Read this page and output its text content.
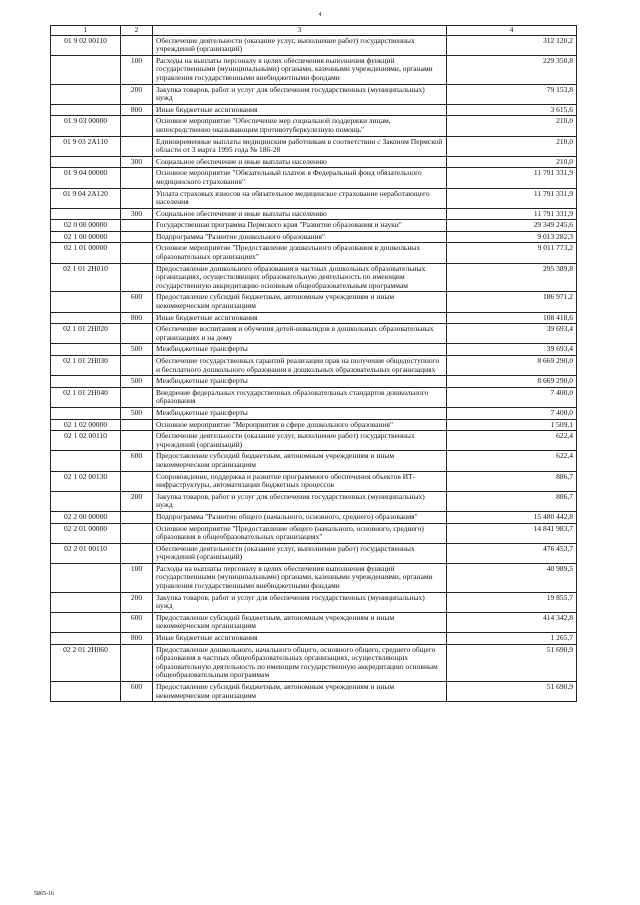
4
1	2	3	4
01 9 02 00110		Обеспечение деятельности (оказание услуг, выполнение работ) государственных учреждений (организаций)	312 120,2
	100	Расходы на выплаты персоналу в целях обеспечения выполнения функций государственными (муниципальными) органами, казенными учреждениями, органами управления государственными внебюджетными фондами	229 350,8
	200	Закупка товаров, работ и услуг для обеспечения государственных (муниципальных) нужд	79 153,8
	800	Иные бюджетные ассигнования	3 615,6
01 9 03 00000		Основное мероприятие "Обеспечение мер социальной поддержки лицам, непосредственно оказывающим противотуберкулезную помощь"	210,0
01 9 03 2А110		Единовременные выплаты медицинским работникам в соответствии с Законом Пермской области от 3 марта 1995 года № 186-28	210,0
	300	Социальное обеспечение и иные выплаты населению	210,0
01 9 04 00000		Основное мероприятие "Обязательный платеж в Федеральный фонд обязательного медицинского страхования"	11 791 331,9
01 9 04 2А120		Уплата страховых взносов на обязательное медицинское страхование неработающего населения	11 791 331,9
	300	Социальное обеспечение и иные выплаты населению	11 791 331,9
02 0 00 00000		Государственная программа Пермского края "Развитие образования и науки"	29 349 245,6
02 1 00 00000		Подпрограмма "Развитие дошкольного образования"	9 013 282,3
02 1 01 00000		Основное мероприятие "Предоставление дошкольного образования в дошкольных образовательных организациях"	9 011 773,2
02 1 01 2Н010		Предоставление дошкольного образования в частных дошкольных образовательных организациях, осуществляющих образовательную деятельность по имеющим государственную аккредитацию основным общеобразовательным программам	295 389,8
	600	Предоставление субсидий бюджетным, автономным учреждениям и иным некоммерческим организациям	186 971,2
	800	Иные бюджетные ассигнования	108 418,6
02 1 01 2Н020		Обеспечение воспитания и обучения детей-инвалидов в дошкольных образовательных организациях и на дому	39 693,4
	500	Межбюджетные трансферты	39 693,4
02 1 01 2Н030		Обеспечение государственных гарантий реализации прав на получение общедоступного и бесплатного дошкольного образования в дошкольных образовательных организациях	8 669 290,0
	500	Межбюджетные трансферты	8 669 290,0
02 1 01 2Н040		Внедрение федеральных государственных образовательных стандартов дошкольного образования	7 400,0
	500	Межбюджетные трансферты	7 400,0
02 1 02 00000		Основное мероприятие "Мероприятия в сфере дошкольного образования"	1 509,1
02 1 02 00110		Обеспечение деятельности (оказание услуг, выполнение работ) государственных учреждений (организаций)	622,4
	600	Предоставление субсидий бюджетным, автономным учреждениям и иным некоммерческим организациям	622,4
02 1 02 00130		Сопровождение, поддержка и развитие программного обеспечения объектов ИТ-инфраструктуры, автоматизации бюджетных процессов	886,7
	200	Закупка товаров, работ и услуг для обеспечения государственных (муниципальных) нужд	886,7
02 2 00 00000		Подпрограмма "Развитие общего (начального, основного, среднего) образования"	15 480 442,8
02 2 01 00000		Основное мероприятие "Предоставление общего (начального, основного, среднего) образования в общеобразовательных организациях"	14 841 983,7
02 2 01 00110		Обеспечение деятельности (оказание услуг, выполнение работ) государственных учреждений (организаций)	476 453,7
	100	Расходы на выплаты персоналу в целях обеспечения выполнения функций государственными (муниципальными) органами, казенными учреждениями, органами управления государственными внебюджетными фондами	40 989,5
	200	Закупка товаров, работ и услуг для обеспечения государственных (муниципальных) нужд	19 855,7
	600	Предоставление субсидий бюджетным, автономным учреждениям и иным некоммерческим организациям	414 342,8
	800	Иные бюджетные ассигнования	1 265,7
02 2 01 2Н060		Предоставление дошкольного, начального общего, основного общего, среднего общего образования в частных общеобразовательных организациях, осуществляющих образовательную деятельность по имеющим государственную аккредитацию основным общеобразовательным программам	51 690,9
	600	Предоставление субсидий бюджетным, автономным учреждениям и иным некоммерческим организациям	51 690,9
5865-16
